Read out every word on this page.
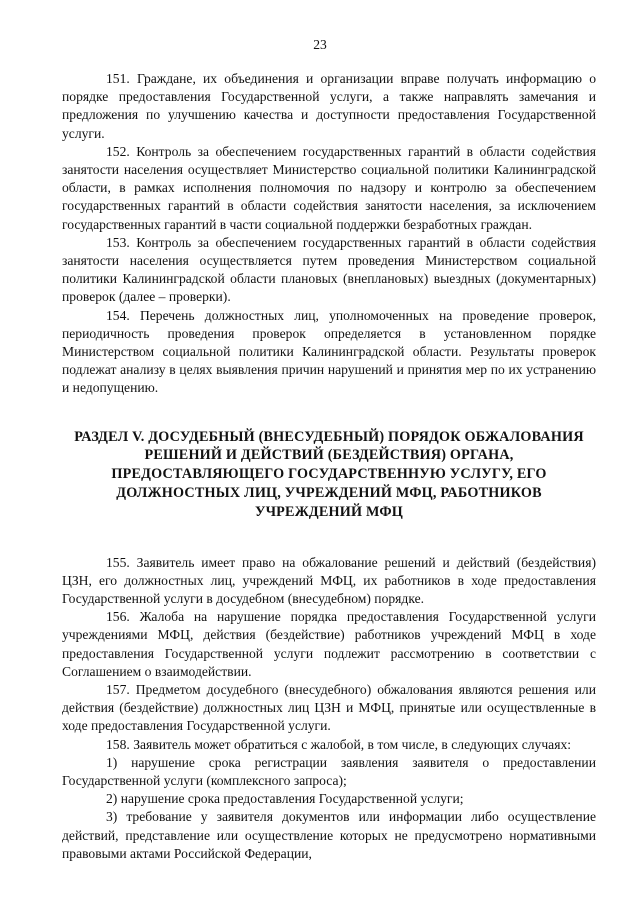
23

151. Граждане, их объединения и организации вправе получать информацию о порядке предоставления Государственной услуги, а также направлять замечания и предложения по улучшению качества и доступности предоставления Государственной услуги.

152. Контроль за обеспечением государственных гарантий в области содействия занятости населения осуществляет Министерство социальной политики Калининградской области, в рамках исполнения полномочия по надзору и контролю за обеспечением государственных гарантий в области содействия занятости населения, за исключением государственных гарантий в части социальной поддержки безработных граждан.

153. Контроль за обеспечением государственных гарантий в области содействия занятости населения осуществляется путем проведения Министерством социальной политики Калининградской области плановых (внеплановых) выездных (документарных) проверок (далее – проверки).

154. Перечень должностных лиц, уполномоченных на проведение проверок, периодичность проведения проверок определяется в установленном порядке Министерством социальной политики Калининградской области. Результаты проверок подлежат анализу в целях выявления причин нарушений и принятия мер по их устранению и недопущению.

РАЗДЕЛ V. ДОСУДЕБНЫЙ (ВНЕСУДЕБНЫЙ) ПОРЯДОК ОБЖАЛОВАНИЯ РЕШЕНИЙ И ДЕЙСТВИЙ (БЕЗДЕЙСТВИЯ) ОРГАНА, ПРЕДОСТАВЛЯЮЩЕГО ГОСУДАРСТВЕННУЮ УСЛУГУ, ЕГО ДОЛЖНОСТНЫХ ЛИЦ, УЧРЕЖДЕНИЙ МФЦ, РАБОТНИКОВ УЧРЕЖДЕНИЙ МФЦ

155. Заявитель имеет право на обжалование решений и действий (бездействия) ЦЗН, его должностных лиц, учреждений МФЦ, их работников в ходе предоставления Государственной услуги в досудебном (внесудебном) порядке.

156. Жалоба на нарушение порядка предоставления Государственной услуги учреждениями МФЦ, действия (бездействие) работников учреждений МФЦ в ходе предоставления Государственной услуги подлежит рассмотрению в соответствии с Соглашением о взаимодействии.

157. Предметом досудебного (внесудебного) обжалования являются решения или действия (бездействие) должностных лиц ЦЗН и МФЦ, принятые или осуществленные в ходе предоставления Государственной услуги.

158. Заявитель может обратиться с жалобой, в том числе, в следующих случаях:

1) нарушение срока регистрации заявления заявителя о предоставлении Государственной услуги (комплексного запроса);

2) нарушение срока предоставления Государственной услуги;

3) требование у заявителя документов или информации либо осуществление действий, представление или осуществление которых не предусмотрено нормативными правовыми актами Российской Федерации,
